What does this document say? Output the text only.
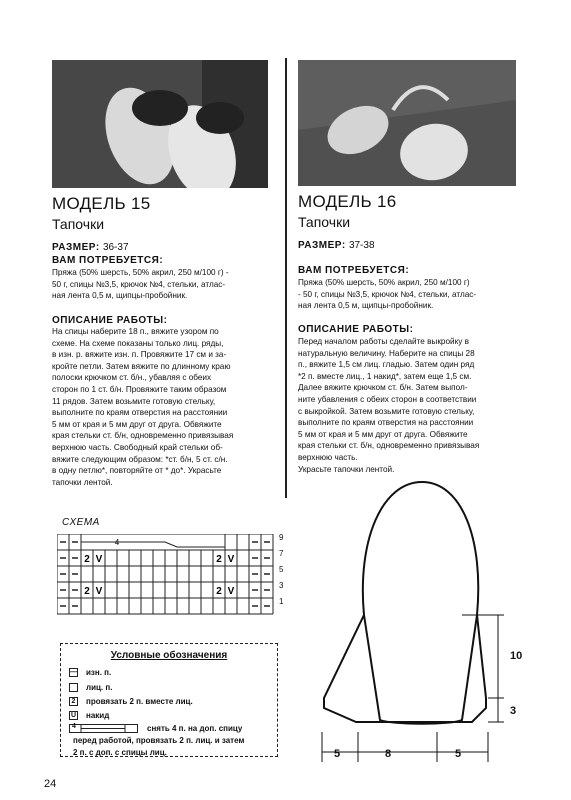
МОДЕЛЬ 15
Тапочки
РАЗМЕР: 36-37
ВАМ ПОТРЕБУЕТСЯ:
Пряжа (50% шерсть, 50% акрил, 250 м/100 г) -
50 г, спицы №3,5, крючок №4, стельки, атлас-
ная лента 0,5 м, щипцы-пробойник.
ОПИСАНИЕ РАБОТЫ:
На спицы наберите 18 п., вяжите узором по
схеме. На схеме показаны только лиц. ряды,
в изн. р. вяжите изн. п. Провяжите 17 см и за-
кройте петли. Затем вяжите по длинному краю
полоски крючком ст. б/н., убавляя с обеих
сторон по 1 ст. б/н. Провяжите таким образом
11 рядов. Затем возьмите готовую стельку,
выполните по краям отверстия на расстоянии
5 мм от края и 5 мм друг от друга. Обвяжите
края стельки ст. б/н, одновременно привязывая
верхнюю часть. Свободный край стельки об-
вяжите следующим образом: *ст. б/н, 5 ст. с/н.
в одну петлю*, повторяйте от * до*. Украсьте
тапочки лентой.
МОДЕЛЬ 16
Тапочки
РАЗМЕР: 37-38
ВАМ ПОТРЕБУЕТСЯ:
Пряжа (50% шерсть, 50% акрил, 250 м/100 г)
- 50 г, спицы №3,5, крючок №4, стельки, атлас-
ная лента 0,5 м, щипцы-пробойник.
ОПИСАНИЕ РАБОТЫ:
Перед началом работы сделайте выкройку в
натуральную величину. Наберите на спицы 28
п., вяжите 1,5 см лиц. гладью. Затем один ряд
*2 п. вместе лиц., 1 накид*, затем еще 1,5 см.
Далее вяжите крючком ст. б/н. Затем выпол-
ните убавления с обеих сторон в соответствии
с выкройкой. Затем возьмите готовую стельку,
выполните по краям отверстия на расстоянии
5 мм от края и 5 мм друг от друга. Обвяжите
края стельки ст. б/н, одновременно привязывая
верхнюю часть.
Украсьте тапочки лентой.
СХЕМА
2 V	2 V
2 V	2 V
4
9
7
5
3
1
Условные обозначения
— изн. п.
лиц. п.
2	провязать 2 п. вместе лиц.
U накид
4	снять 4 п. на доп. спицу
перед работой, провязать 2 п. лиц. и затем
2 п. с доп. с спицы лиц.
10
3
5	8	5
24
